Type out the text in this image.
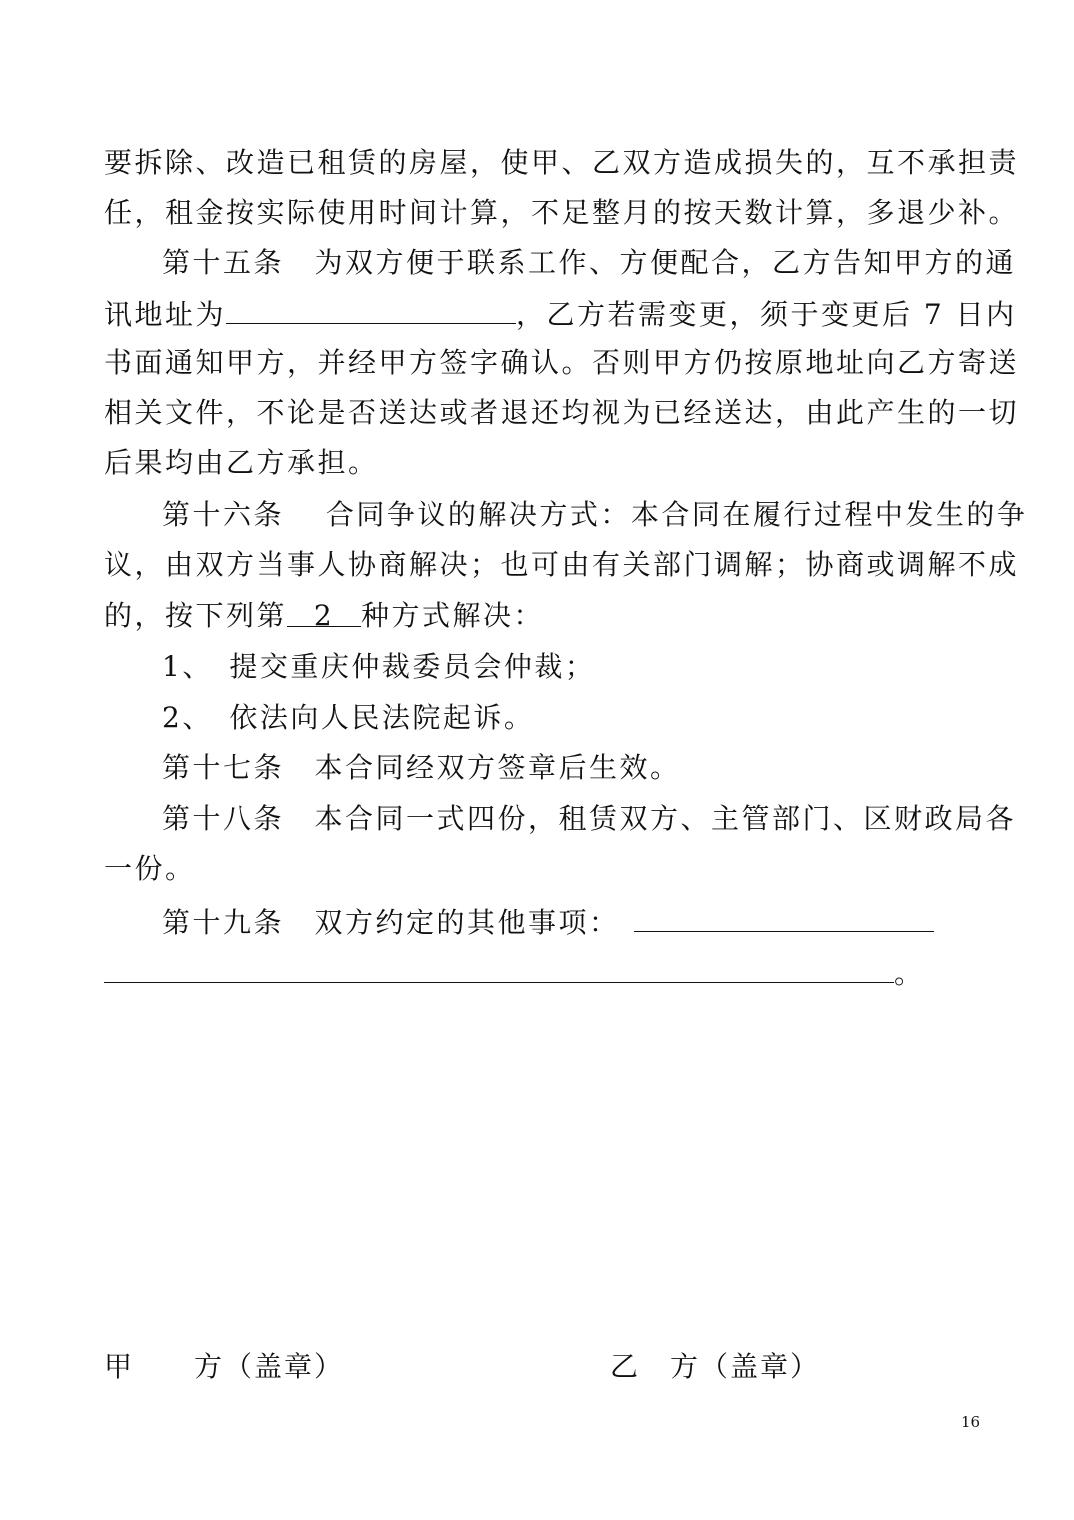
要拆除、改造已租赁的房屋，使甲、乙双方造成损失的，互不承担责
任，租金按实际使用时间计算，不足整月的按天数计算，多退少补。
第十五条　为双方便于联系工作、方便配合，乙方告知甲方的通
讯地址为	，乙方若需变更，须于变更后 7 日内
书面通知甲方，并经甲方签字确认。否则甲方仍按原地址向乙方寄送
相关文件，不论是否送达或者退还均视为已经送达，由此产生的一切
后果均由乙方承担。
第十六条　 合同争议的解决方式：本合同在履行过程中发生的争
议，由双方当事人协商解决；也可由有关部门调解；协商或调解不成
的，按下列第 2 种方式解决：
1、　提交重庆仲裁委员会仲裁；
2、　依法向人民法院起诉。
第十七条　本合同经双方签章后生效。
第十八条　本合同一式四份，租赁双方、主管部门、区财政局各
一份。
第十九条　双方约定的其他事项：
。
甲　　方（盖章）	乙　方（盖章）
16
